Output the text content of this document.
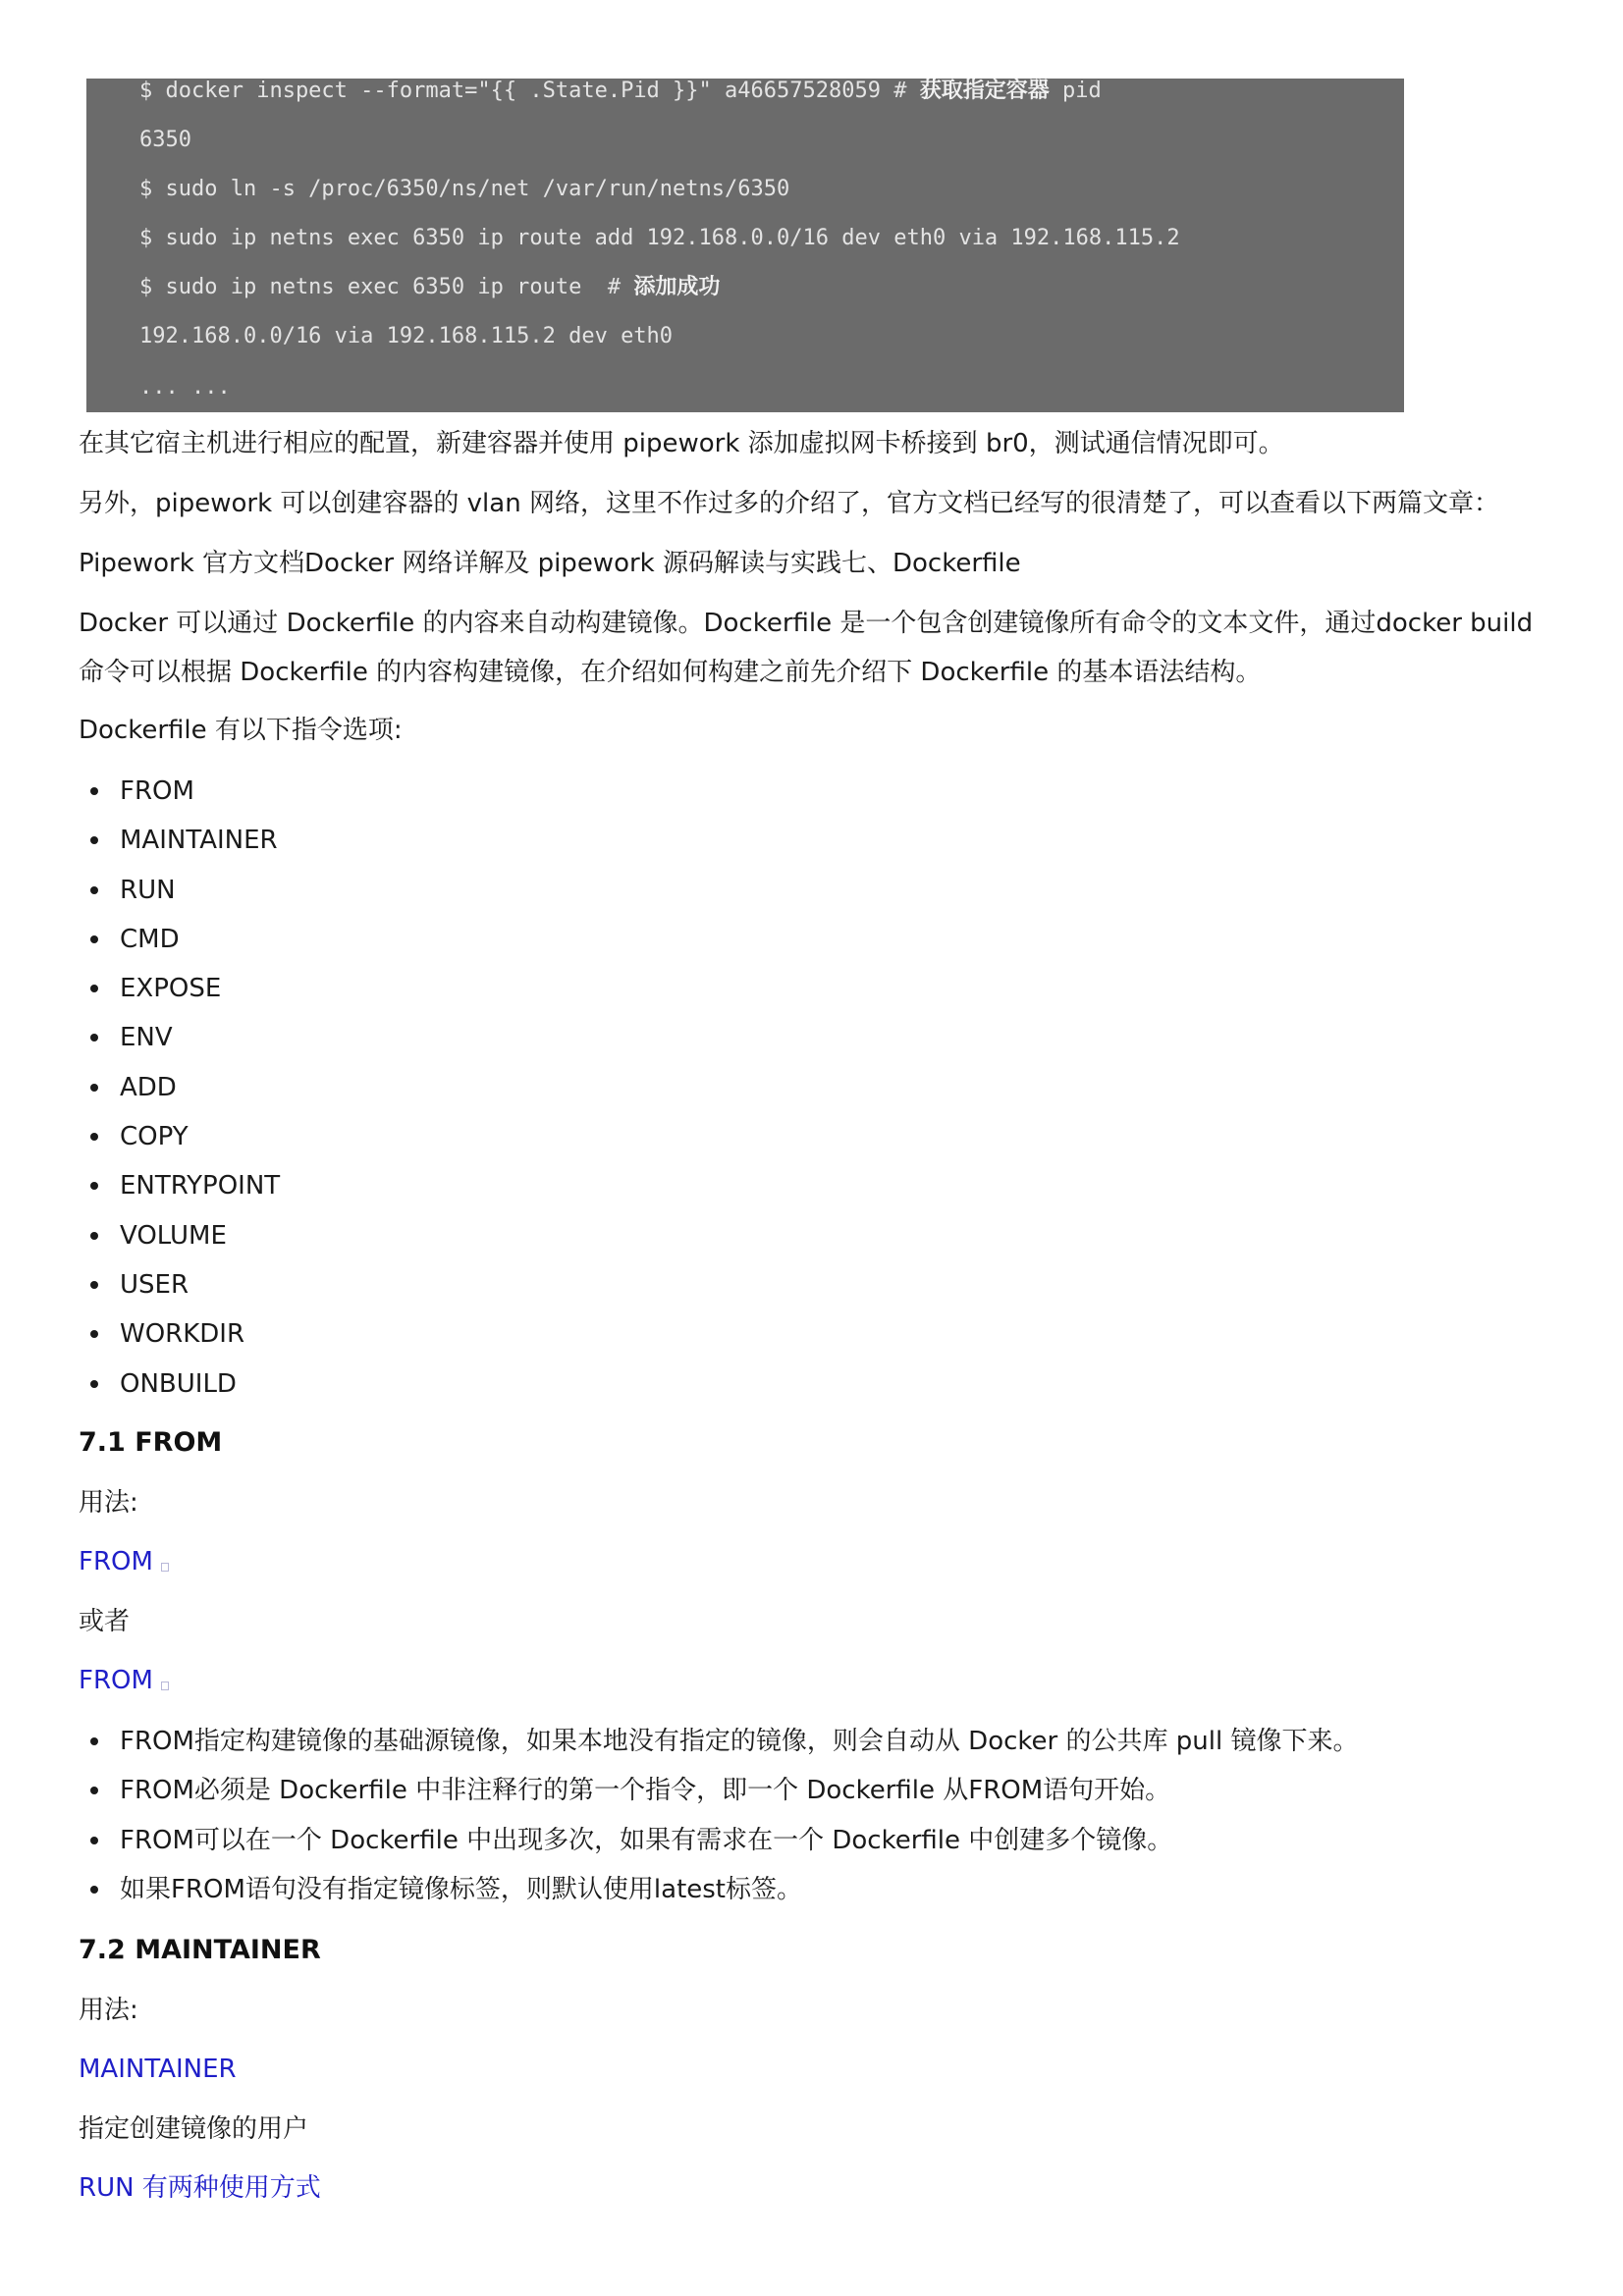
$ docker inspect --format="{{ .State.Pid }}" a46657528059 # 获取指定容器 pid
6350
$ sudo ln -s /proc/6350/ns/net /var/run/netns/6350
$ sudo ip netns exec 6350 ip route add 192.168.0.0/16 dev eth0 via 192.168.115.2
$ sudo ip netns exec 6350 ip route  # 添加成功
192.168.0.0/16 via 192.168.115.2 dev eth0
... ...
在其它宿主机进行相应的配置，新建容器并使用 pipework 添加虚拟网卡桥接到 br0，测试通信情况即可。
另外，pipework 可以创建容器的 vlan 网络，这里不作过多的介绍了，官方文档已经写的很清楚了，可以查看以下两篇文章：
Pipework 官方文档Docker 网络详解及 pipework 源码解读与实践七、Dockerfile
Docker 可以通过 Dockerfile 的内容来自动构建镜像。Dockerfile 是一个包含创建镜像所有命令的文本文件，通过docker build命令可以根据 Dockerfile 的内容构建镜像，在介绍如何构建之前先介绍下 Dockerfile 的基本语法结构。
Dockerfile 有以下指令选项:
FROM
MAINTAINER
RUN
CMD
EXPOSE
ENV
ADD
COPY
ENTRYPOINT
VOLUME
USER
WORKDIR
ONBUILD
7.1 FROM
用法:
FROM
或者
FROM
FROM指定构建镜像的基础源镜像，如果本地没有指定的镜像，则会自动从 Docker 的公共库 pull 镜像下来。
FROM必须是 Dockerfile 中非注释行的第一个指令，即一个 Dockerfile 从FROM语句开始。
FROM可以在一个 Dockerfile 中出现多次，如果有需求在一个 Dockerfile 中创建多个镜像。
如果FROM语句没有指定镜像标签，则默认使用latest标签。
7.2 MAINTAINER
用法:
MAINTAINER
指定创建镜像的用户
RUN 有两种使用方式
